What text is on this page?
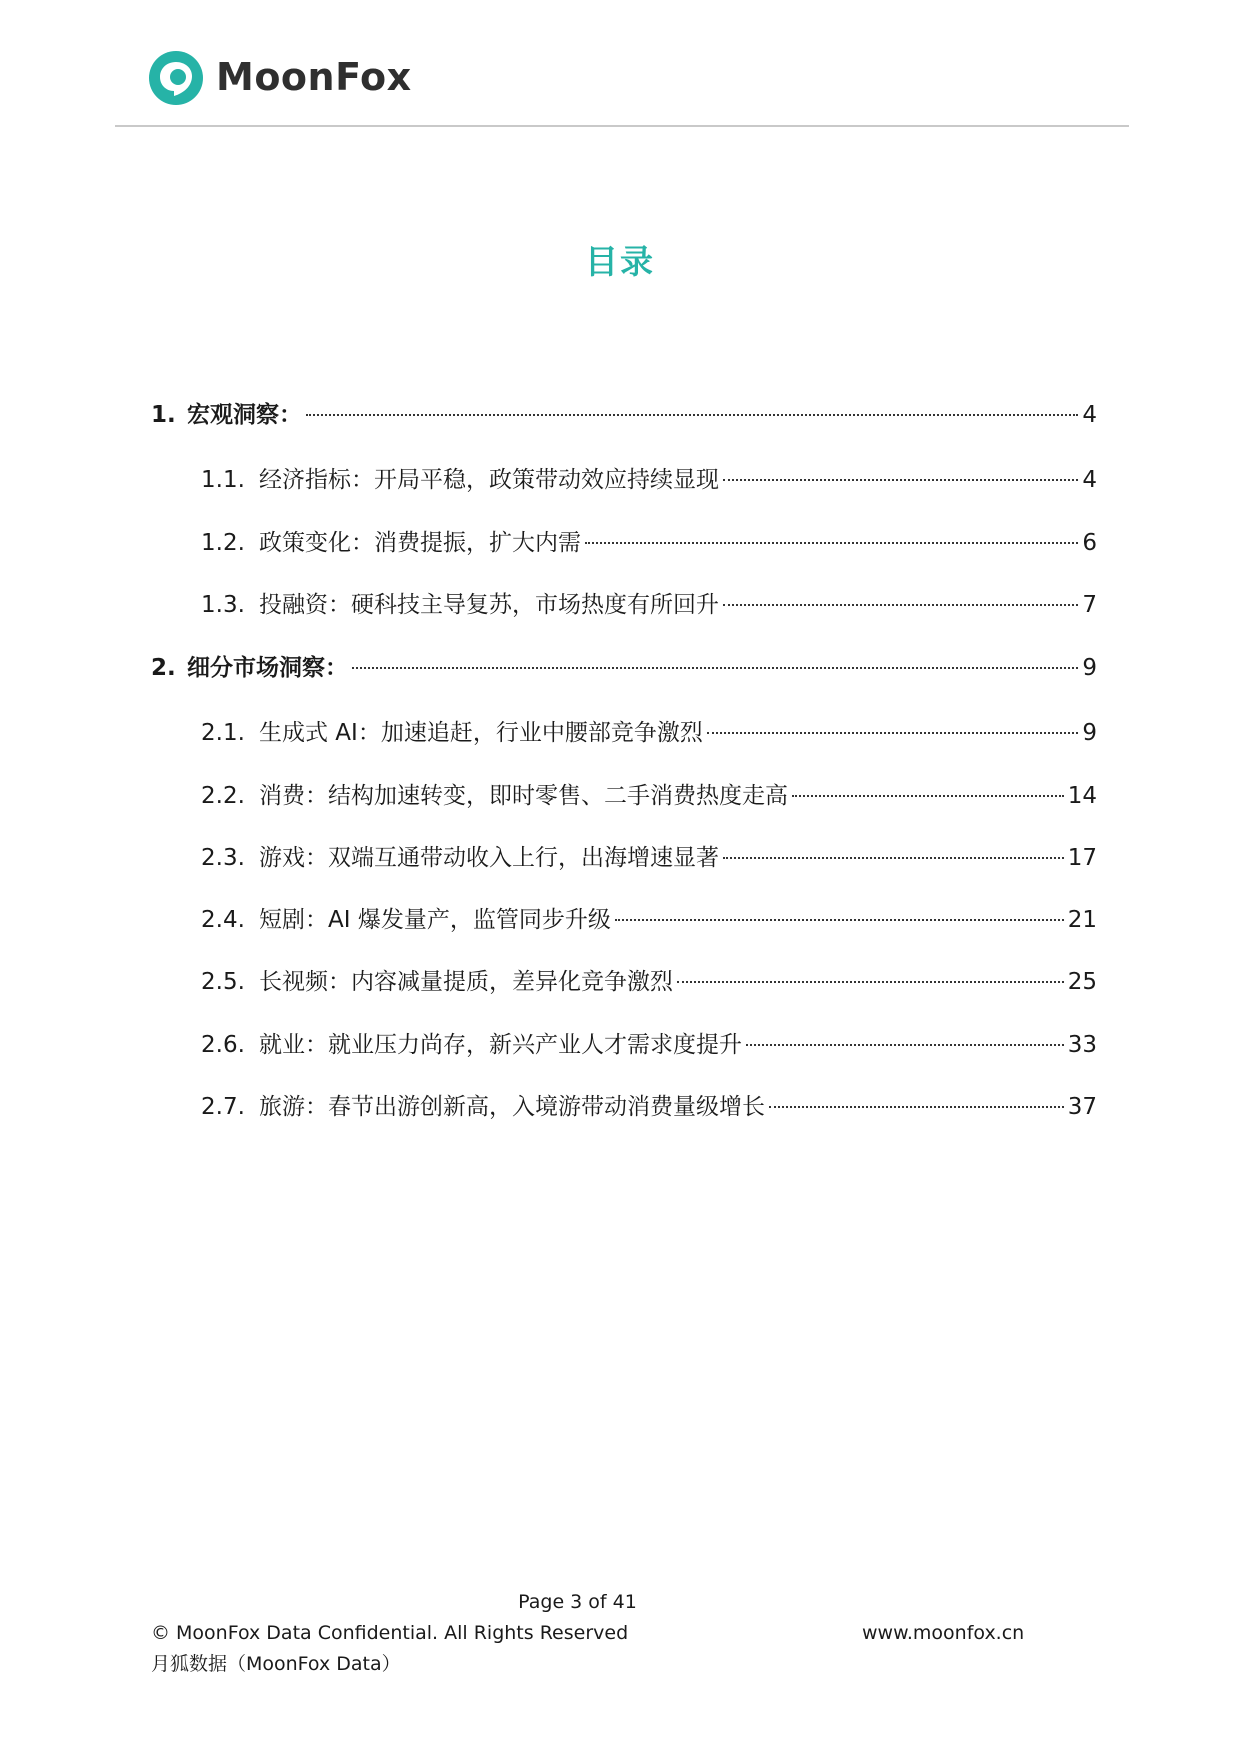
MoonFox
目录
1. 宏观洞察：	4
1.1. 经济指标：开局平稳，政策带动效应持续显现	4
1.2. 政策变化：消费提振，扩大内需	6
1.3. 投融资：硬科技主导复苏，市场热度有所回升	7
2. 细分市场洞察：	9
2.1. 生成式 AI：加速追赶，行业中腰部竞争激烈	9
2.2. 消费：结构加速转变，即时零售、二手消费热度走高	14
2.3. 游戏：双端互通带动收入上行，出海增速显著	17
2.4. 短剧：AI 爆发量产，监管同步升级	21
2.5. 长视频：内容减量提质，差异化竞争激烈	25
2.6. 就业：就业压力尚存，新兴产业人才需求度提升	33
2.7. 旅游：春节出游创新高，入境游带动消费量级增长	37
Page 3 of 41
© MoonFox Data Confidential. All Rights Reserved	www.moonfox.cn
月狐数据（MoonFox Data）
